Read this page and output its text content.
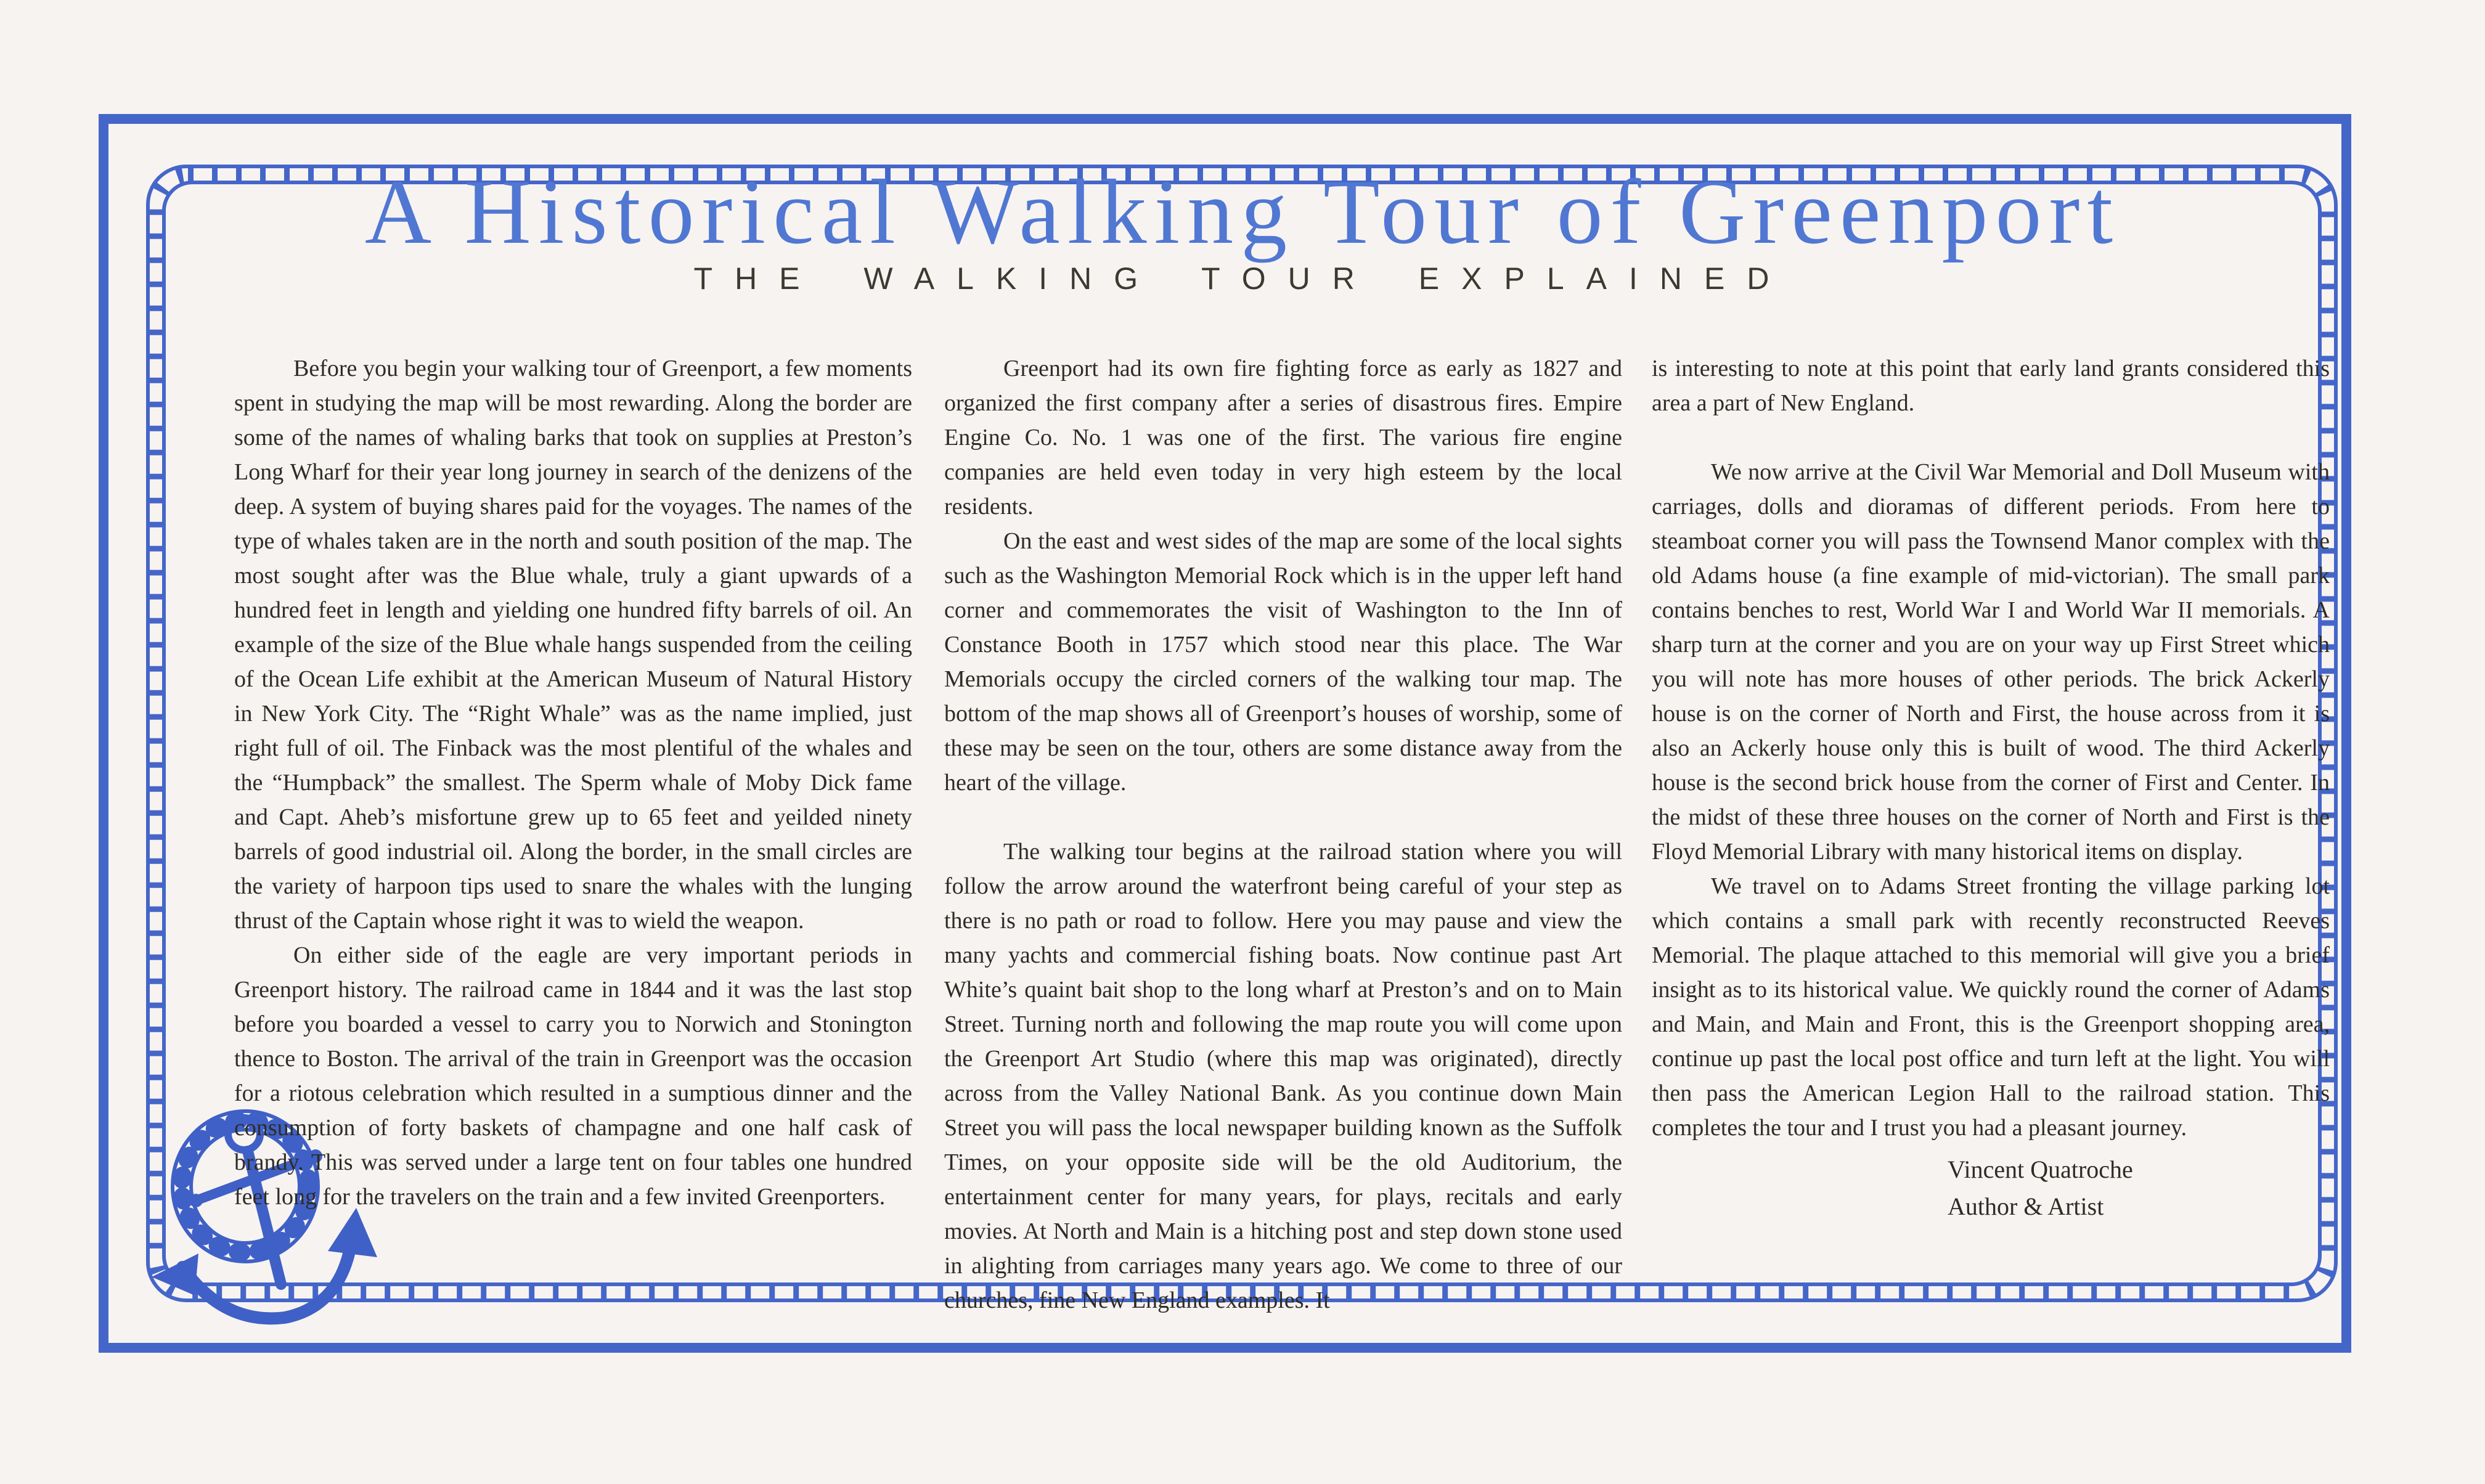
A Historical Walking Tour of Greenport
THE WALKING TOUR EXPLAINED

Before you begin your walking tour of Greenport, a few moments spent in studying the map will be most rewarding. Along the border are some of the names of whaling barks that took on supplies at Preston’s Long Wharf for their year long journey in search of the denizens of the deep. A system of buying shares paid for the voyages. The names of the type of whales taken are in the north and south position of the map. The most sought after was the Blue whale, truly a giant upwards of a hundred feet in length and yielding one hundred fifty barrels of oil. An example of the size of the Blue whale hangs suspended from the ceiling of the Ocean Life exhibit at the American Museum of Natural History in New York City. The “Right Whale” was as the name implied, just right full of oil. The Finback was the most plentiful of the whales and the “Humpback” the smallest. The Sperm whale of Moby Dick fame and Capt. Aheb’s misfortune grew up to 65 feet and yeilded ninety barrels of good industrial oil. Along the border, in the small circles are the variety of harpoon tips used to snare the whales with the lunging thrust of the Captain whose right it was to wield the weapon.

On either side of the eagle are very important periods in Greenport history. The railroad came in 1844 and it was the last stop before you boarded a vessel to carry you to Norwich and Stonington thence to Boston. The arrival of the train in Greenport was the occasion for a riotous celebration which resulted in a sumptious dinner and the consumption of forty baskets of champagne and one half cask of brandy. This was served under a large tent on four tables one hundred feet long for the travelers on the train and a few invited Greenporters.

Greenport had its own fire fighting force as early as 1827 and organized the first company after a series of disastrous fires. Empire Engine Co. No. 1 was one of the first. The various fire engine companies are held even today in very high esteem by the local residents.

On the east and west sides of the map are some of the local sights such as the Washington Memorial Rock which is in the upper left hand corner and commemorates the visit of Washington to the Inn of Constance Booth in 1757 which stood near this place. The War Memorials occupy the circled corners of the walking tour map. The bottom of the map shows all of Greenport’s houses of worship, some of these may be seen on the tour, others are some distance away from the heart of the village.

The walking tour begins at the railroad station where you will follow the arrow around the waterfront being careful of your step as there is no path or road to follow. Here you may pause and view the many yachts and commercial fishing boats. Now continue past Art White’s quaint bait shop to the long wharf at Preston’s and on to Main Street. Turning north and following the map route you will come upon the Greenport Art Studio (where this map was originated), directly across from the Valley National Bank. As you continue down Main Street you will pass the local newspaper building known as the Suffolk Times, on your opposite side will be the old Auditorium, the entertainment center for many years, for plays, recitals and early movies. At North and Main is a hitching post and step down stone used in alighting from carriages many years ago. We come to three of our churches, fine New England examples. It

is interesting to note at this point that early land grants considered this area a part of New England.

We now arrive at the Civil War Memorial and Doll Museum with carriages, dolls and dioramas of different periods. From here to steamboat corner you will pass the Townsend Manor complex with the old Adams house (a fine example of mid-victorian). The small park contains benches to rest, World War I and World War II memorials. A sharp turn at the corner and you are on your way up First Street which you will note has more houses of other periods. The brick Ackerly house is on the corner of North and First, the house across from it is also an Ackerly house only this is built of wood. The third Ackerly house is the second brick house from the corner of First and Center. In the midst of these three houses on the corner of North and First is the Floyd Memorial Library with many historical items on display.

We travel on to Adams Street fronting the village parking lot which contains a small park with recently reconstructed Reeves Memorial. The plaque attached to this memorial will give you a brief insight as to its historical value. We quickly round the corner of Adams and Main, and Main and Front, this is the Greenport shopping area, continue up past the local post office and turn left at the light. You will then pass the American Legion Hall to the railroad station. This completes the tour and I trust you had a pleasant journey.

Vincent Quatroche
Author & Artist
